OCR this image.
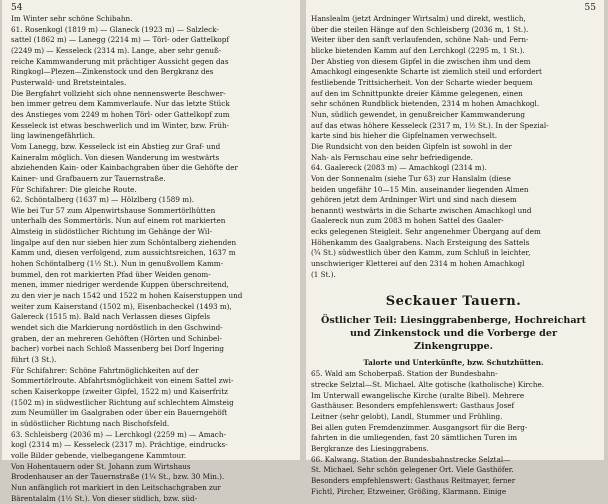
54

Im Winter sehr schöne Schibahn.

61. Rosenkogl (1819 m) — Glaneck (1923 m) — Salzleck-

sattel (1862 m) — Lanegg (2214 m) — Törl- oder Gattelkopf

(2249 m) — Kesseleck (2314 m). Lange, aber sehr genuß-

reiche Kammwanderung mit prächtiger Aussicht gegen das

Ringkogl—Plezen—Zinkenstock und den Bergkranz des

Pusterwald- und Bretsteintales.

Die Bergfahrt vollzieht sich ohne nennenswerte Beschwer-

ben immer getreu dem Kammverlaufe. Nur das letzte Stück

des Anstieges vom 2249 m hohen Törl- oder Gattelkopf zum

Kesseleck ist etwas beschwerlich und im Winter, bzw. Früh-

ling lawinengefährlich.

Vom Lanegg, bzw. Kesseleck ist ein Abstieg zur Graf- und

Kaineralm möglich. Von diesen Wanderung im westwärts

abziehenden Kain- oder Kainbachgraben über die Gehöfte der

Kainer- und Grafbauern zur Tauernstraße.

Für Schifahrer: Die gleiche Route.

62. Schöntalberg (1637 m) — Hölzlberg (1589 m).

Wie bei Tur 57 zum Alpenwirtshause Sommertörlhütten

unterhalb des Sommertörls. Nun auf einem rot markierten

Almsteig in südöstlicher Richtung im Gehänge der Wil-

lingalpe auf den nur sieben hier zum Schöntalberg ziehenden

Kamm und, diesen verfolgend, zum aussichtsreichen, 1637 m

hohen Schöntalberg (1½ St.). Nun in genußvollem Kamm-

bummel, den rot markierten Pfad über Weiden genom-

menen, immer niedriger werdende Kuppen überschreitend,

zu den vier je nach 1542 und 1522 m hohen Kaiserstuppen und

weiter zum Kaiserstand (1502 m), Eisenbacheckel (1493 m),

Galereck (1515 m). Bald nach Verlassen dieses Gipfels

wendet sich die Markierung nordöstlich in den Gschwind-

graben, der an mehreren Gehöften (Hörten und Schinbel-

bacher) vorbei nach Schloß Massenberg bei Dorf Ingering

führt (3 St.).

Für Schifahrer: Schöne Fahrtmöglichkeiten auf der

Sommertörlroute. Abfahrtsmöglichkeit von einem Sattel zwi-

schen Kaiserkoppe (zweiter Gipfel, 1522 m) und Kaiserfritz

(1502 m) in südwestlicher Richtung auf schlechtem Almsteig

zum Neumüller im Gaalgraben oder über ein Bauerngehöft

in südöstlicher Richtung nach Bischofsfeld.

63. Schleisberg (2036 m) — Lerchkogl (2259 m) — Amach-

kogl (2314 m) — Kesseleck (2317 m). Prächtige, eindrucks-

volle Bilder gebende, vielbegangene Kammtour.

Von Hohentauern oder St. Johann zum Wirtshaus

Brodenhauser an der Tauernstraße (1¼ St., bzw. 30 Min.).

Nun anfänglich rot markiert in den Leitschachgraben zur

Bärentalalm (1½ St.). Von dieser südlich, bzw. süd-

55

Hanslealm (jetzt Ardninger Wirtsalm) und direkt, westlich,

über die steilen Hänge auf den Schleisberg (2036 m, 1 St.).

Weiter über den sanft verlaufenden, schöne Nah- und Fern-

blicke bietenden Kamm auf den Lerchkogl (2295 m, 1 St.).

Der Abstieg von diesem Gipfel in die zwischen ihm und dem

Amachkogl eingesenkte Scharte ist ziemlich steil und erfordert

festliebende Trittsicherheit. Von der Scharte wieder bequem

auf den im Schnittpunkte dreier Kämme gelegenen, einen

sehr schönen Rundblick bietenden, 2314 m hohen Amachkogl.

Nun, südlich gewendet, in genußreicher Kammwanderung

auf das etwas höhere Kesseleck (2317 m, 1½ St.). In der Spezial-

karte sind bis hieher die Gipfelnamen verwechselt.

Die Rundsicht von den beiden Gipfeln ist sowohl in der

Nah- als Fernschau eine sehr befriedigende.

64. Gaalereck (2083 m) — Amachkogl (2314 m).

Von der Sonnenalm (siehe Tur 63) zur Hanslalm (diese

beiden ungefähr 10—15 Min. auseinander liegenden Almen

gehören jetzt dem Ardninger Wirt und sind nach diesem

benannt) westwärts in die Scharte zwischen Amachkogl und

Gaalereck nun zum 2083 m hohen Sattel des Gaaler-

ecks gelegenen Steigleit. Sehr angenehmer Übergang auf dem

Höhenkamm des Gaalgrabens. Nach Ersteigung des Sattels

(¾ St.) südwestlich über den Kamm, zum Schluß in leichter,

unschwieriger Kletterei auf den 2314 m hohen Amachkogl

(1 St.).

Seckauer Tauern.
Östlicher Teil: Liesinggrabenberge, Hochreichart und Zinkenstock und die Vorberge der Zinkengruppe.
Talorte und Unterkünfte, bzw. Schutzhütten.

65. Wald am Schoberpaß. Station der Bundesbahn-

strecke Selztal—St. Michael. Alte gotische (katholische) Kirche.

Im Unterwall ewangelische Kirche (uralte Bibel). Mehrere

Gasthäuser. Besonders empfehlenswert: Gasthaus Josef

Leitner (sehr gelobt), Landl, Stummer und Frühling.

Bei allen guten Fremdenzimmer. Ausgangsort für die Berg-

fahrten in die umliegenden, fast 20 sämtlichen Turen im

Bergkranze des Liesinggrabens.

66. Kalwang. Station der Bundesbahnstrecke Selztal—

St. Michael. Sehr schön gelegener Ort. Viele Gasthöfer.

Besonders empfehlenswert: Gasthaus Reitmayer, ferner

Fichtl, Pircher, Etzweiner, Größing, Klarmann. Einige
